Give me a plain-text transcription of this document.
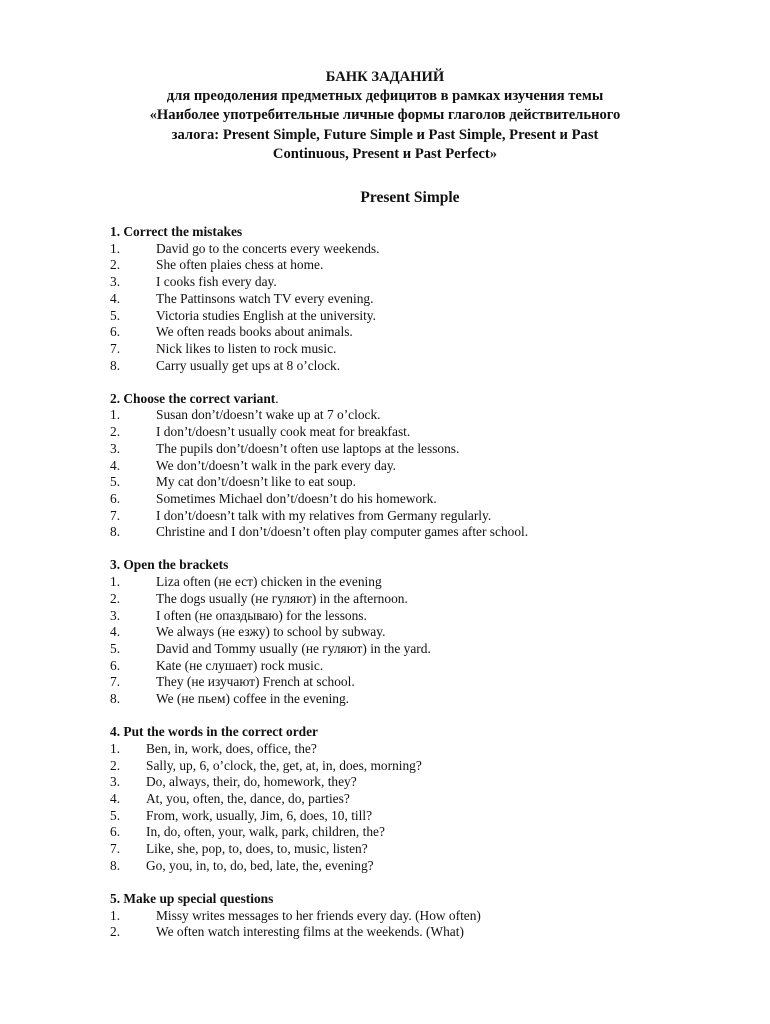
БАНК ЗАДАНИЙ
для преодоления предметных дефицитов в рамках изучения темы
«Наиболее употребительные личные формы глаголов действительного
залога: Present Simple, Future Simple и Past Simple, Present и Past
Continuous, Present и Past Perfect»
Present Simple
1. Correct the mistakes
1.	David go to the concerts every weekends.
2.	She often plaies chess at home.
3.	I cooks fish every day.
4.	The Pattinsons watch TV every evening.
5.	Victoria studies English at the university.
6.	We often reads books about animals.
7.	Nick likes to listen to rock music.
8.	Carry usually get ups at 8 o’clock.
2. Choose the correct variant.
1.	Susan don’t/doesn’t wake up at 7 o’clock.
2.	I don’t/doesn’t usually cook meat for breakfast.
3.	The pupils don’t/doesn’t often use laptops at the lessons.
4.	We don’t/doesn’t walk in the park every day.
5.	My cat don’t/doesn’t like to eat soup.
6.	Sometimes Michael don’t/doesn’t do his homework.
7.	I don’t/doesn’t talk with my relatives from Germany regularly.
8.	Christine and I don’t/doesn’t often play computer games after school.
3. Open the brackets
1.	Liza often (не ест) chicken in the evening
2.	The dogs usually (не гуляют) in the afternoon.
3.	I often (не опаздываю) for the lessons.
4.	We always (не езжу) to school by subway.
5.	David and Tommy usually (не гуляют) in the yard.
6.	Kate (не слушает) rock music.
7.	They (не изучают) French at school.
8.	We (не пьем) coffee in the evening.
4. Put the words in the correct order
1.	Ben, in, work, does, office, the?
2.	Sally, up, 6, o’clock, the, get, at, in, does, morning?
3.	Do, always, their, do, homework, they?
4.	At, you, often, the, dance, do, parties?
5.	From, work, usually, Jim, 6, does, 10, till?
6.	In, do, often, your, walk, park, children, the?
7.	Like, she, pop, to, does, to, music, listen?
8.	Go, you, in, to, do, bed, late, the, evening?
5. Make up special questions
1.	Missy writes messages to her friends every day. (How often)
2.	We often watch interesting films at the weekends. (What)
